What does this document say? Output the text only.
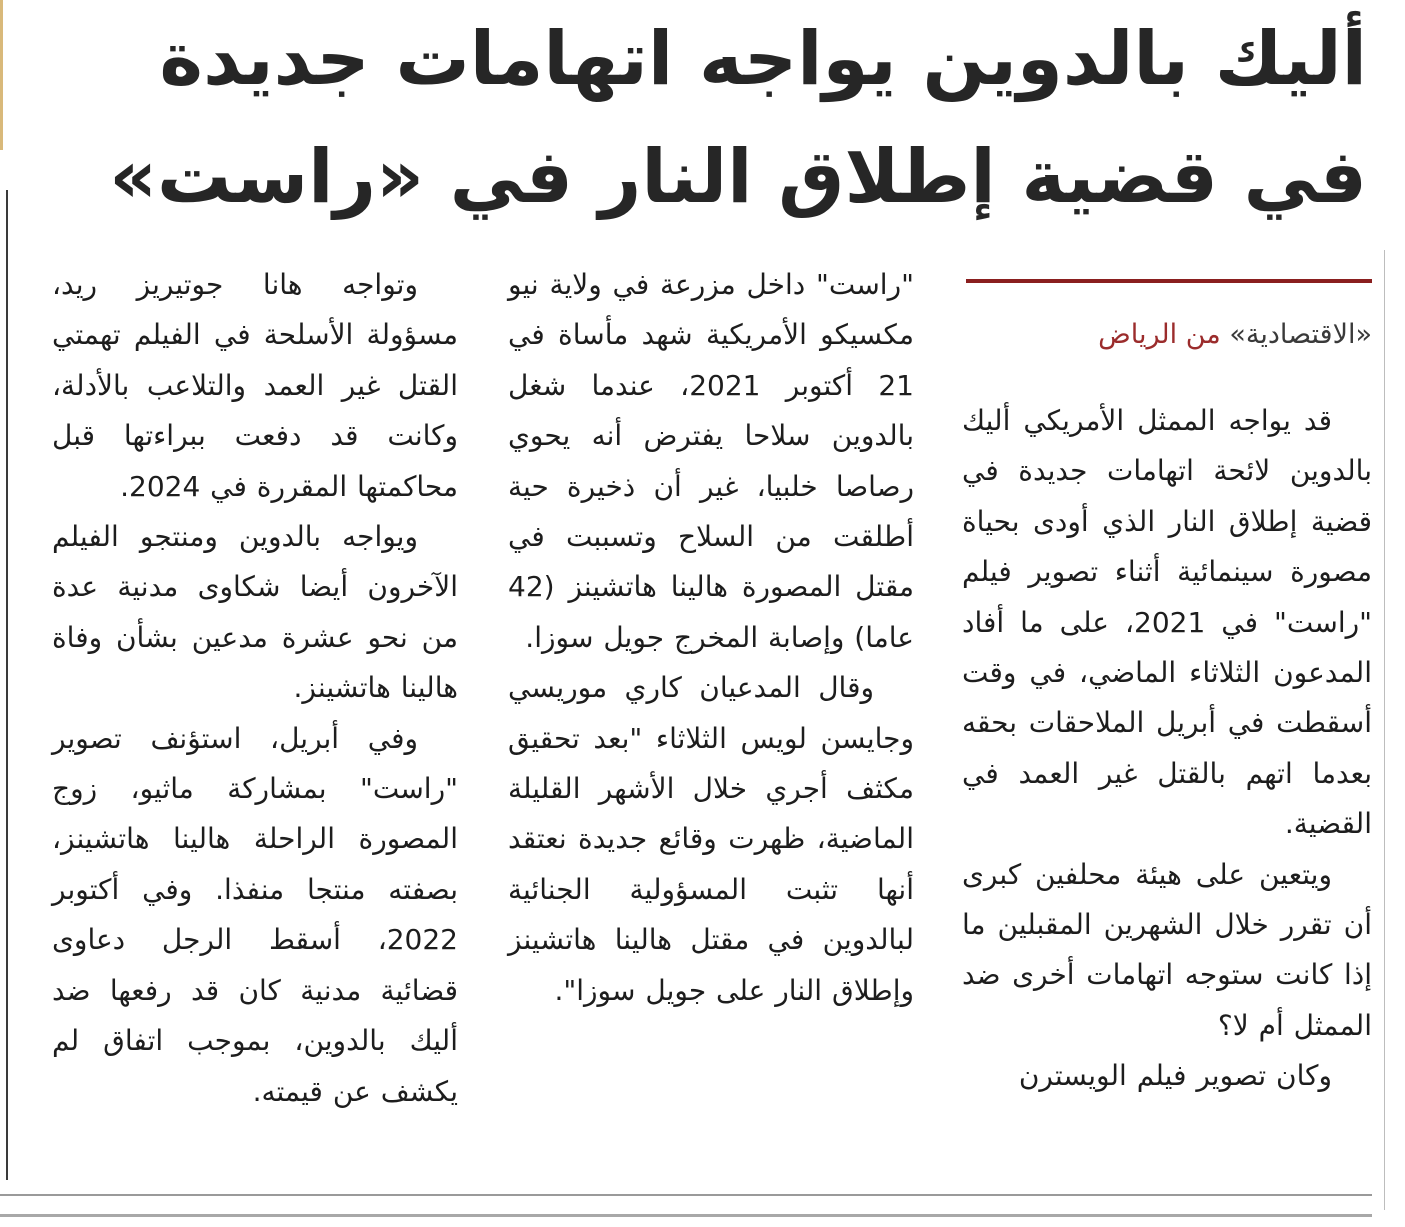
أليك بالدوين يواجه اتهامات جديدة
في قضية إطلاق النار في «راست»
«الاقتصادية» من الرياض

قد يواجه الممثل الأمريكي أليك بالدوين لائحة اتهامات جديدة في قضية إطلاق النار الذي أودى بحياة مصورة سينمائية أثناء تصوير فيلم "راست" في 2021، على ما أفاد المدعون الثلاثاء الماضي، في وقت أسقطت في أبريل الملاحقات بحقه بعدما اتهم بالقتل غير العمد في القضية.

ويتعين على هيئة محلفين كبرى أن تقرر خلال الشهرين المقبلين ما إذا كانت ستوجه اتهامات أخرى ضد الممثل أم لا؟

وكان تصوير فيلم الويسترن

"راست" داخل مزرعة في ولاية نيو مكسيكو الأمريكية شهد مأساة في 21 أكتوبر 2021، عندما شغل بالدوين سلاحا يفترض أنه يحوي رصاصا خلبيا، غير أن ذخيرة حية أطلقت من السلاح وتسببت في مقتل المصورة هالينا هاتشينز (42 عاما) وإصابة المخرج جويل سوزا.

وقال المدعيان كاري موريسي وجايسن لويس الثلاثاء "بعد تحقيق مكثف أجري خلال الأشهر القليلة الماضية، ظهرت وقائع جديدة نعتقد أنها تثبت المسؤولية الجنائية لبالدوين في مقتل هالينا هاتشينز وإطلاق النار على جويل سوزا".

وتواجه هانا جوتيريز ريد، مسؤولة الأسلحة في الفيلم تهمتي القتل غير العمد والتلاعب بالأدلة، وكانت قد دفعت ببراءتها قبل محاكمتها المقررة في 2024.

ويواجه بالدوين ومنتجو الفيلم الآخرون أيضا شكاوى مدنية عدة من نحو عشرة مدعين بشأن وفاة هالينا هاتشينز.

وفي أبريل، استؤنف تصوير "راست" بمشاركة ماثيو، زوج المصورة الراحلة هالينا هاتشينز، بصفته منتجا منفذا. وفي أكتوبر 2022، أسقط الرجل دعاوى قضائية مدنية كان قد رفعها ضد أليك بالدوين، بموجب اتفاق لم يكشف عن قيمته.
